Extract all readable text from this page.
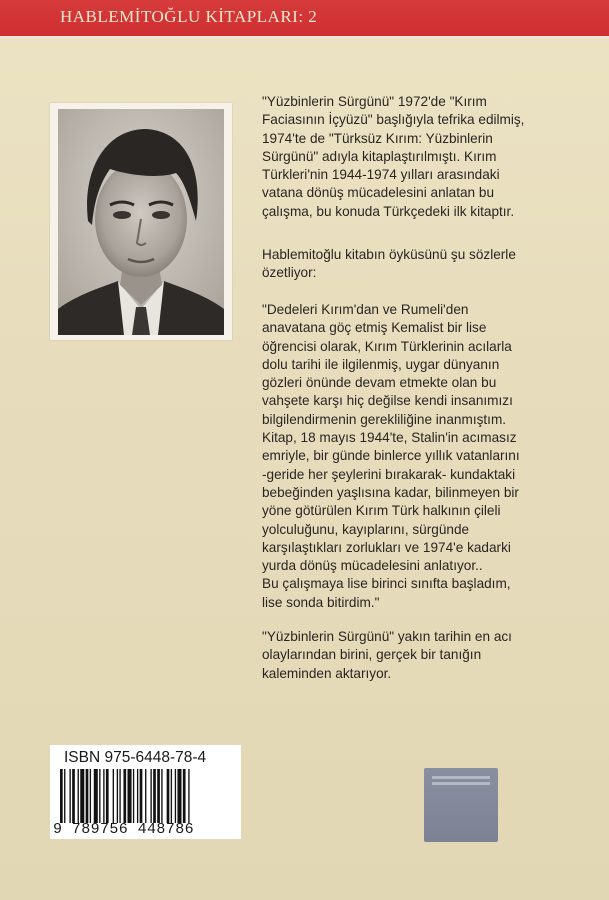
HABLEMİTOĞLU KİTAPLARI: 2
"Yüzbinlerin Sürgünü" 1972'de "Kırım
Faciasının İçyüzü" başlığıyla tefrika edilmiş,
1974'te de "Türksüz Kırım: Yüzbinlerin
Sürgünü" adıyla kitaplaştırılmıştı. Kırım
Türkleri'nin 1944-1974 yılları arasındaki
vatana dönüş mücadelesini anlatan bu
çalışma, bu konuda Türkçedeki ilk kitaptır.
Hablemitoğlu kitabın öyküsünü şu sözlerle
özetliyor:
"Dedeleri Kırım'dan ve Rumeli'den
anavatana göç etmiş Kemalist bir lise
öğrencisi olarak, Kırım Türklerinin acılarla
dolu tarihi ile ilgilenmiş, uygar dünyanın
gözleri önünde devam etmekte olan bu
vahşete karşı hiç değilse kendi insanımızı
bilgilendirmenin gerekliliğine inanmıştım.
Kitap, 18 mayıs 1944'te, Stalin'in acımasız
emriyle, bir günde binlerce yıllık vatanlarını
-geride her şeylerini bırakarak- kundaktaki
bebeğinden yaşlısına kadar, bilinmeyen bir
yöne götürülen Kırım Türk halkının çileli
yolculuğunu, kayıplarını, sürgünde
karşılaştıkları zorlukları ve 1974'e kadarki
yurda dönüş mücadelesini anlatıyor..
Bu çalışmaya lise birinci sınıfta başladım,
lise sonda bitirdim."
"Yüzbinlerin Sürgünü" yakın tarihin en acı
olaylarından birini, gerçek bir tanığın
kaleminden aktarıyor.
ISBN 975-6448-78-4
9 789756 448786
